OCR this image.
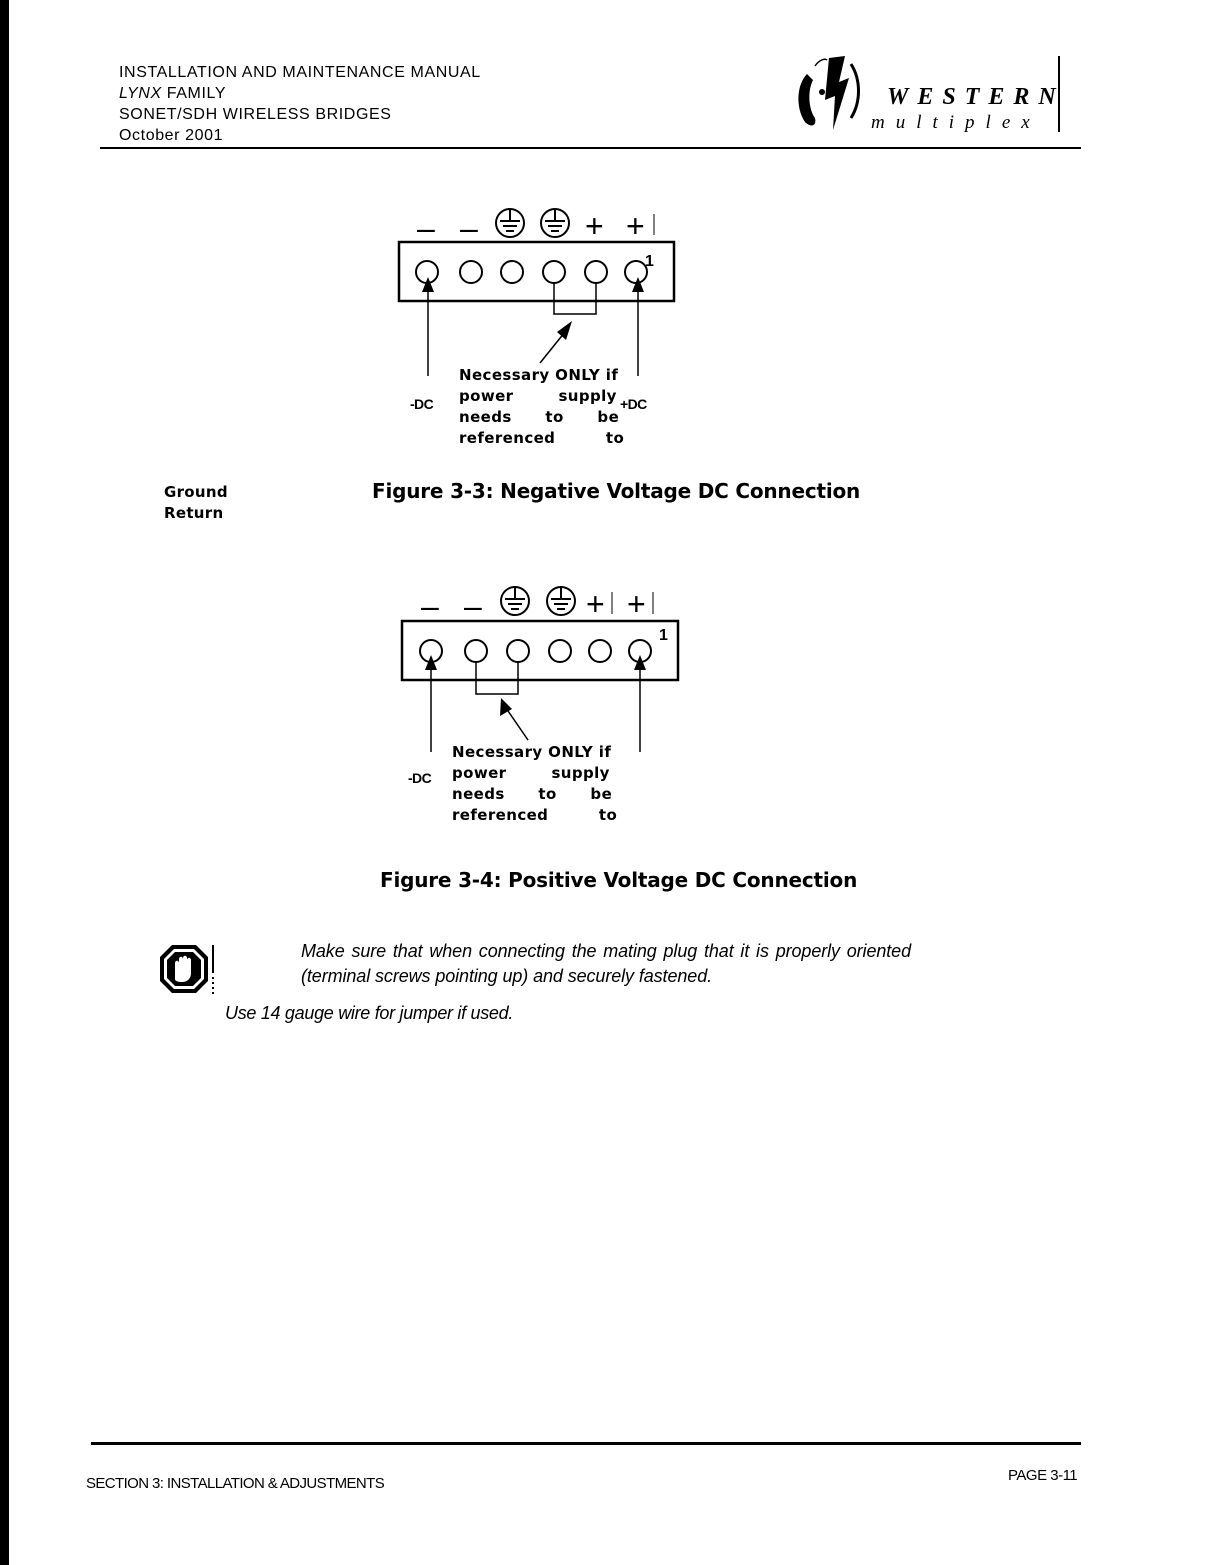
INSTALLATION AND MAINTENANCE MANUAL
LYNX FAMILY
SONET/SDH WIRELESS BRIDGES
October 2001
WESTERN
multiplex
– –	+ +
1
-DC	+DC
Necessary ONLY if
power        supply
needs      to      be
referenced         to
Ground
Return
Figure 3-3: Negative Voltage DC Connection
– –	+ +
1
-DC
Necessary ONLY if
power        supply
needs      to      be
referenced         to
Figure 3-4: Positive Voltage DC Connection
Make sure that when connecting the mating plug that it is properly oriented (terminal screws pointing up) and securely fastened.
Use 14 gauge wire for jumper if used.
SECTION 3: INSTALLATION & ADJUSTMENTS	PAGE 3-11
